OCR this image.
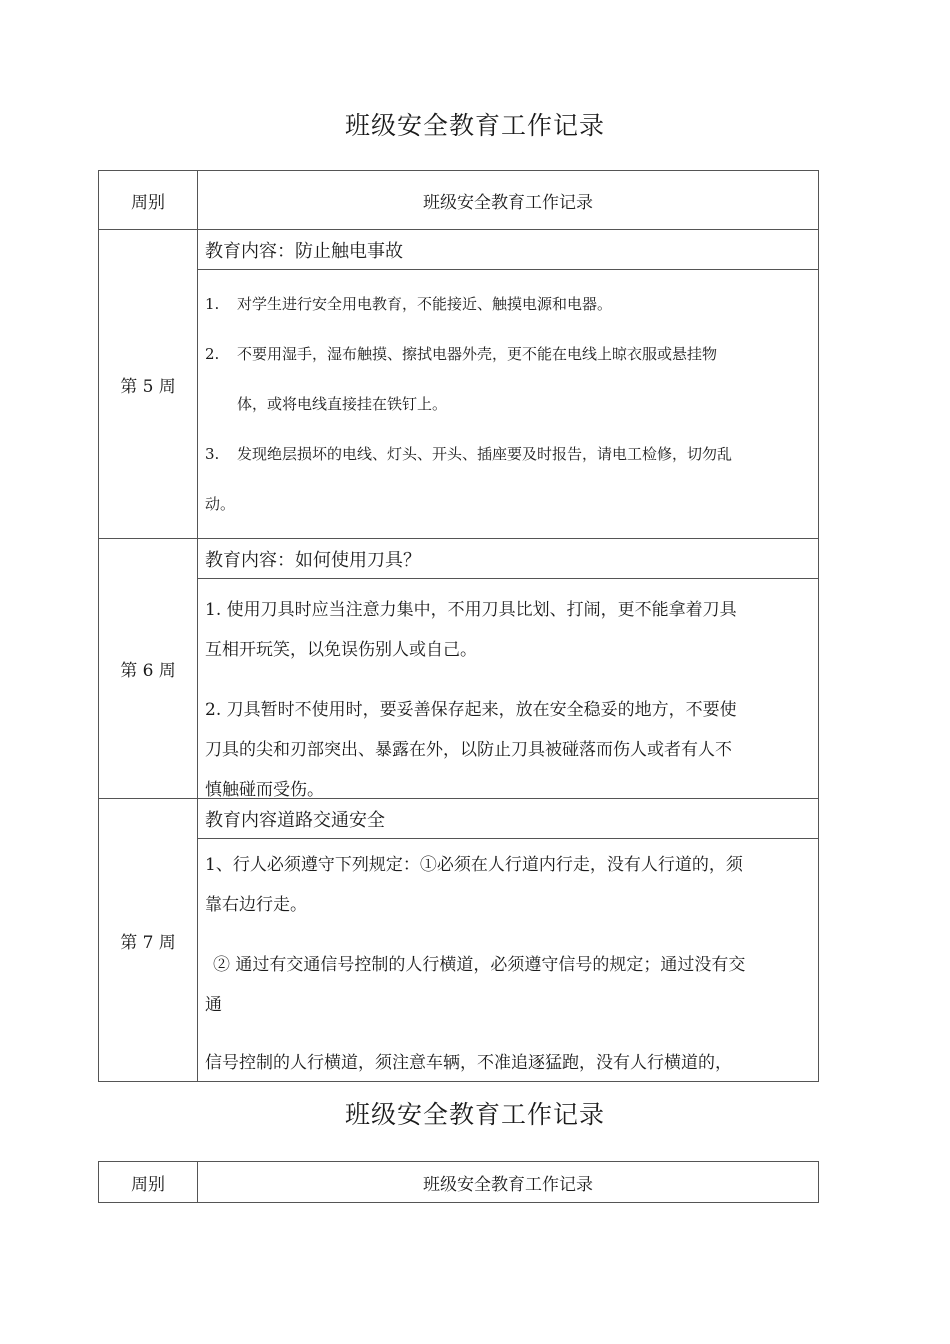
班级安全教育工作记录
周别	班级安全教育工作记录
第 5 周	教育内容：防止触电事故

	1. 对学生进行安全用电教育，不能接近、触摸电源和电器。

2. 不要用湿手，湿布触摸、擦拭电器外壳，更不能在电线上晾衣服或悬挂物

体，或将电线直接挂在铁钉上。

3. 发现绝层损坏的电线、灯头、开头、插座要及时报告，请电工检修，切勿乱

动。

第 6 周	教育内容：如何使用刀具？

	1. 使用刀具时应当注意力集中，不用刀具比划、打闹，更不能拿着刀具

互相开玩笑，以免误伤别人或自己。

2. 刀具暂时不使用时，要妥善保存起来，放在安全稳妥的地方，不要使

刀具的尖和刃部突出、暴露在外，以防止刀具被碰落而伤人或者有人不

慎触碰而受伤。

第 7 周	教育内容道路交通安全

	1、行人必须遵守下列规定：①必须在人行道内行走，没有人行道的，须

靠右边行走。

② 通过有交通信号控制的人行横道，必须遵守信号的规定；通过没有交

通

信号控制的人行横道，须注意车辆，不准追逐猛跑，没有人行横道的，

班级安全教育工作记录
周别	班级安全教育工作记录
